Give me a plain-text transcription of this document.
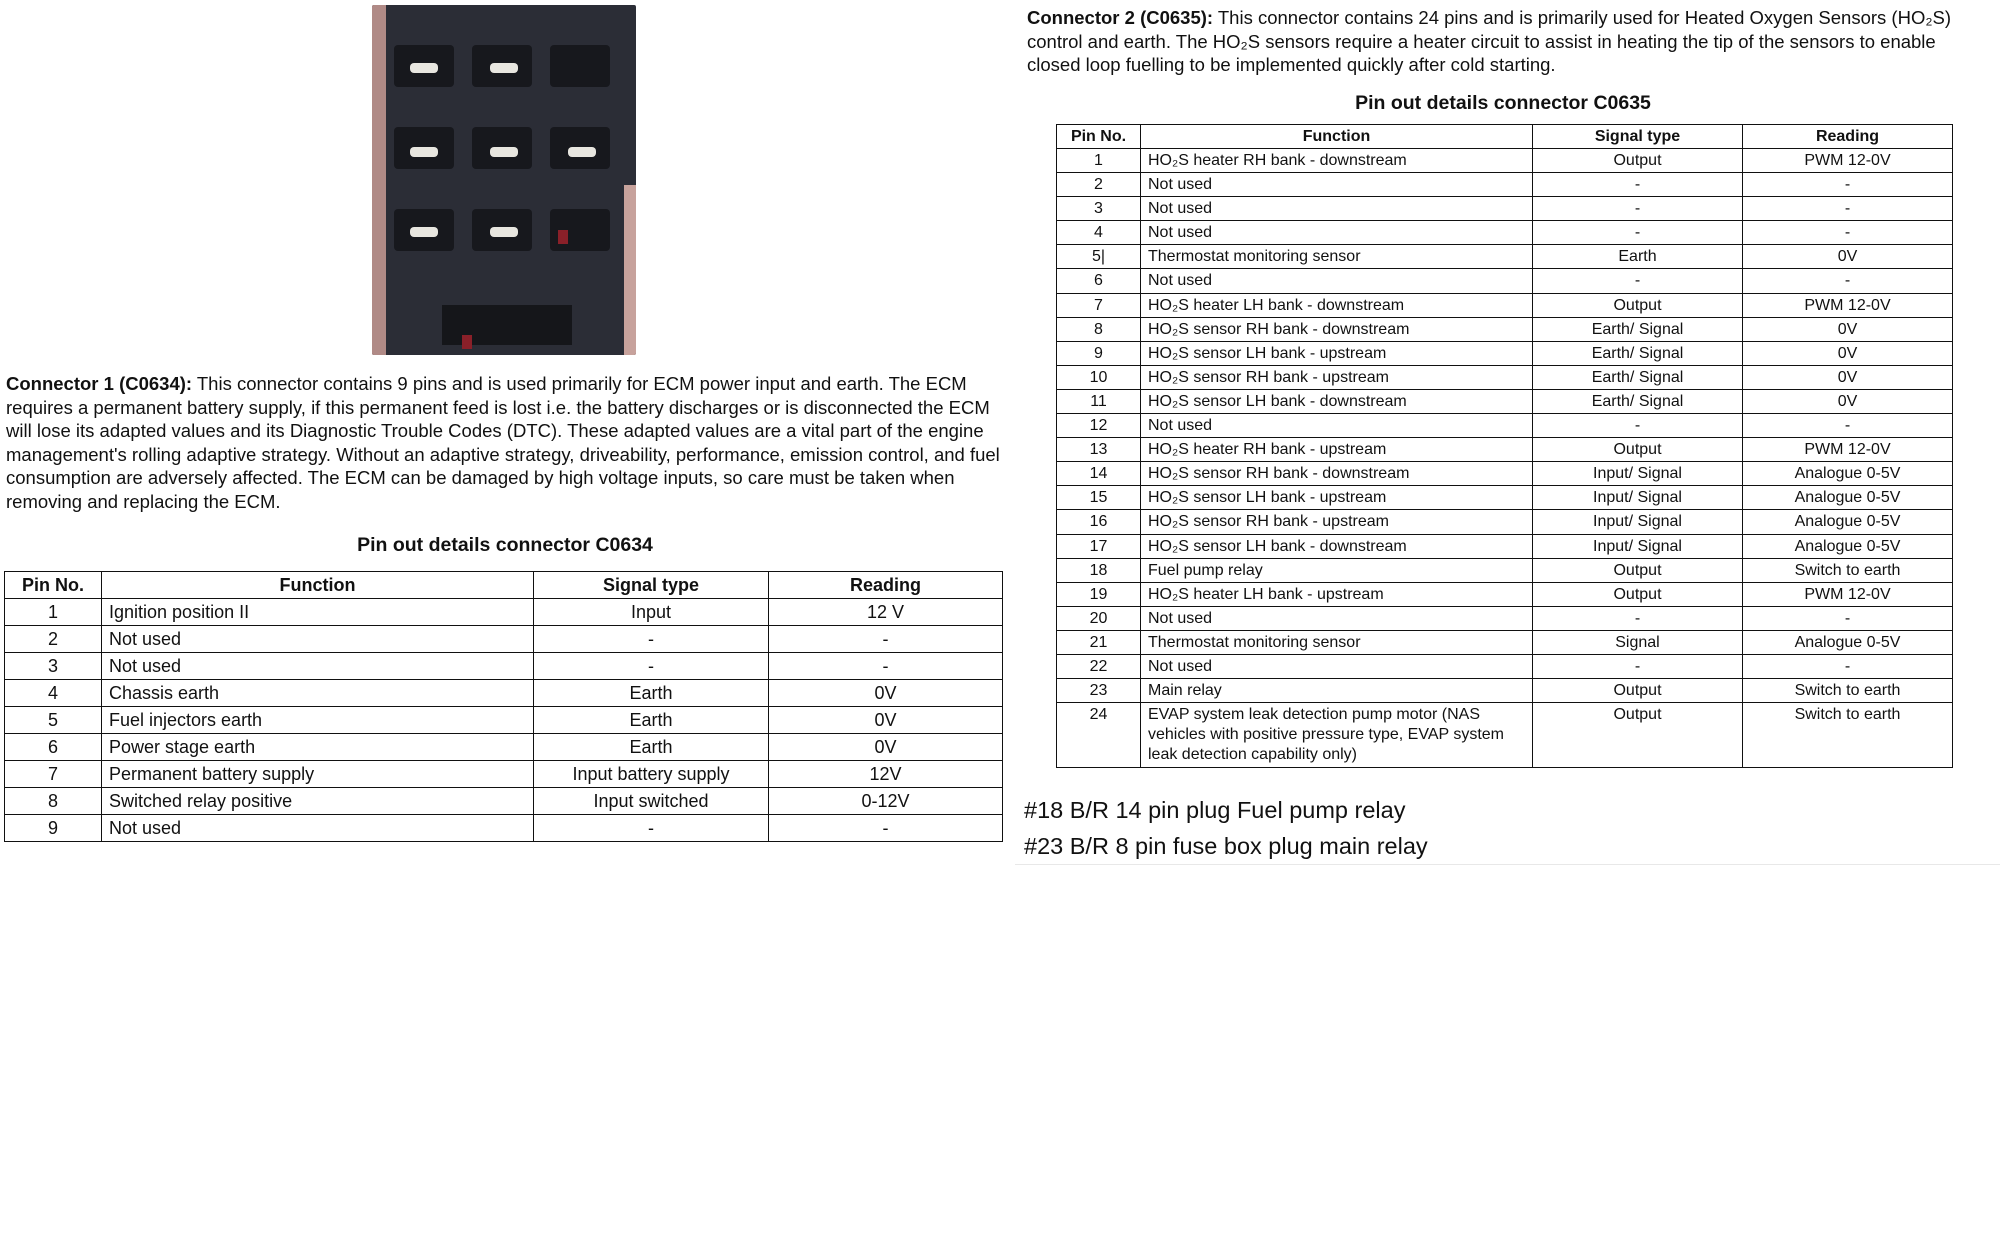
Connector 1 (C0634): This connector contains 9 pins and is used primarily for ECM power input and earth. The ECM requires a permanent battery supply, if this permanent feed is lost i.e. the battery discharges or is disconnected the ECM will lose its adapted values and its Diagnostic Trouble Codes (DTC). These adapted values are a vital part of the engine management's rolling adaptive strategy. Without an adaptive strategy, driveability, performance, emission control, and fuel consumption are adversely affected. The ECM can be damaged by high voltage inputs, so care must be taken when removing and replacing the ECM.

Pin out details connector C0634
Pin No.	Function	Signal type	Reading
1	Ignition position II	Input	12 V
2	Not used	-	-
3	Not used	-	-
4	Chassis earth	Earth	0V
5	Fuel injectors earth	Earth	0V
6	Power stage earth	Earth	0V
7	Permanent battery supply	Input battery supply	12V
8	Switched relay positive	Input switched	0-12V
9	Not used	-	-

Connector 2 (C0635): This connector contains 24 pins and is primarily used for Heated Oxygen Sensors (HO₂S) control and earth. The HO₂S sensors require a heater circuit to assist in heating the tip of the sensors to enable closed loop fuelling to be implemented quickly after cold starting.

Pin out details connector C0635
Pin No.	Function	Signal type	Reading
1	HO₂S heater RH bank - downstream	Output	PWM 12-0V
2	Not used	-	-
3	Not used	-	-
4	Not used	-	-
5|	Thermostat monitoring sensor	Earth	0V
6	Not used	-	-
7	HO₂S heater LH bank - downstream	Output	PWM 12-0V
8	HO₂S sensor RH bank - downstream	Earth/ Signal	0V
9	HO₂S sensor LH bank - upstream	Earth/ Signal	0V
10	HO₂S sensor RH bank - upstream	Earth/ Signal	0V
11	HO₂S sensor LH bank - downstream	Earth/ Signal	0V
12	Not used	-	-
13	HO₂S heater RH bank - upstream	Output	PWM 12-0V
14	HO₂S sensor RH bank - downstream	Input/ Signal	Analogue 0-5V
15	HO₂S sensor LH bank - upstream	Input/ Signal	Analogue 0-5V
16	HO₂S sensor RH bank - upstream	Input/ Signal	Analogue 0-5V
17	HO₂S sensor LH bank - downstream	Input/ Signal	Analogue 0-5V
18	Fuel pump relay	Output	Switch to earth
19	HO₂S heater LH bank - upstream	Output	PWM 12-0V
20	Not used	-	-
21	Thermostat monitoring sensor	Signal	Analogue 0-5V
22	Not used	-	-
23	Main relay	Output	Switch to earth
24	EVAP system leak detection pump motor (NAS vehicles with positive pressure type, EVAP system leak detection capability only)	Output	Switch to earth
#18 B/R 14 pin plug Fuel pump relay
#23 B/R 8 pin fuse box plug main relay
